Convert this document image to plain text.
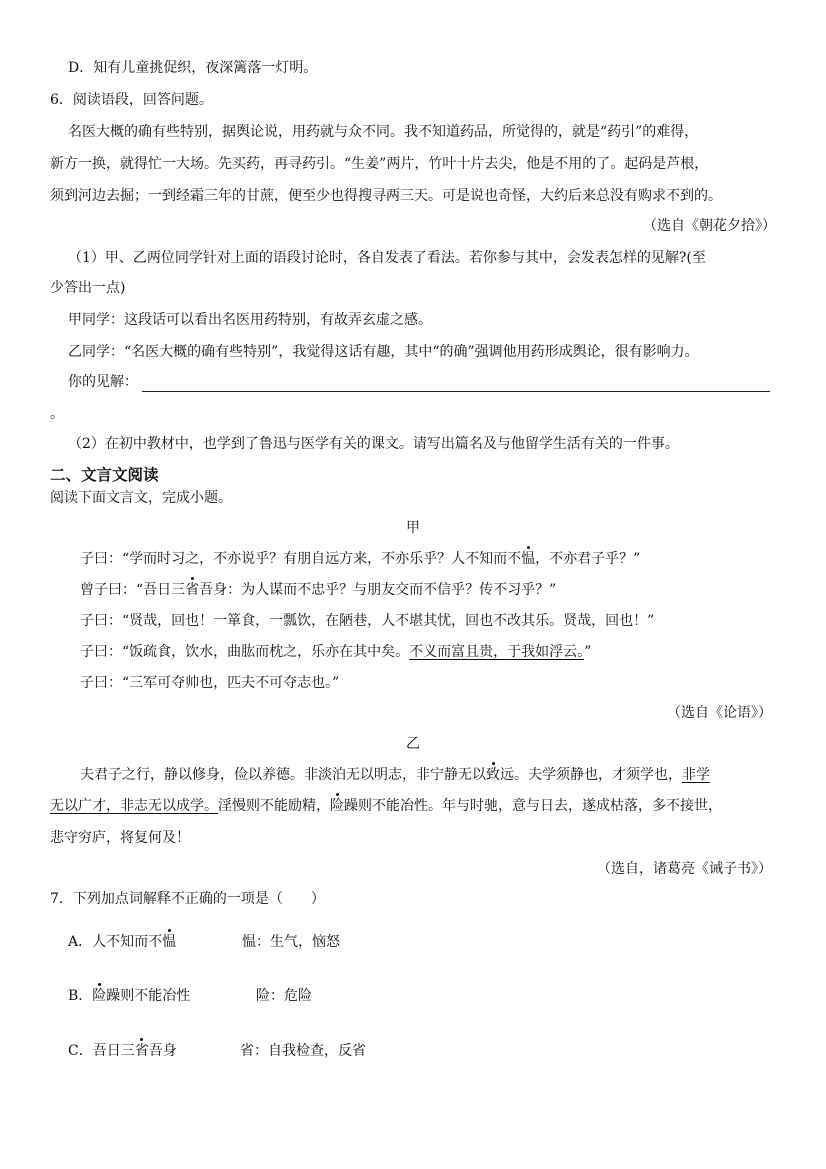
D．知有儿童挑促织，夜深篱落一灯明。
6．阅读语段，回答问题。
名医大概的确有些特别，据舆论说，用药就与众不同。我不知道药品，所觉得的，就是“药引”的难得，
新方一换，就得忙一大场。先买药，再寻药引。“生姜”两片，竹叶十片去尖，他是不用的了。起码是芦根，
须到河边去掘；一到经霜三年的甘蔗，便至少也得搜寻两三天。可是说也奇怪，大约后来总没有购求不到的。
（选自《朝花夕拾》）
（1）甲、乙两位同学针对上面的语段讨论时，各自发表了看法。若你参与其中，会发表怎样的见解?(至
少答出一点)
甲同学：这段话可以看出名医用药特别，有故弄玄虚之感。
乙同学：“名医大概的确有些特别”，我觉得这话有趣，其中“的确”强调他用药形成舆论，很有影响力。
你的见解：
。
（2）在初中教材中，也学到了鲁迅与医学有关的课文。请写出篇名及与他留学生活有关的一件事。
二、文言文阅读
阅读下面文言文，完成小题。
甲
子曰：“学而时习之，不亦说乎？有朋自远方来，不亦乐乎？人不知而不愠，不亦君子乎？”
曾子曰：“吾日三省吾身：为人谋而不忠乎？与朋友交而不信乎？传不习乎？”
子曰：“贤哉，回也！一箪食，一瓢饮，在陋巷，人不堪其忧，回也不改其乐。贤哉，回也！”
子曰：“饭疏食，饮水，曲肱而枕之，乐亦在其中矣。不义而富且贵，于我如浮云。”
子曰：“三军可夺帅也，匹夫不可夺志也。”
（选自《论语》）
乙
夫君子之行，静以修身，俭以养德。非淡泊无以明志，非宁静无以致远。夫学须静也，才须学也，非学
无以广才，非志无以成学。淫慢则不能励精，险躁则不能冶性。年与时驰，意与日去，遂成枯落，多不接世，
悲守穷庐，将复何及！
（选自，诸葛亮《诫子书》）
7．下列加点词解释不正确的一项是（　　）
A．人不知而不愠	愠：生气，恼怒
B．险躁则不能冶性	险：危险
C．吾日三省吾身	省：自我检查，反省
